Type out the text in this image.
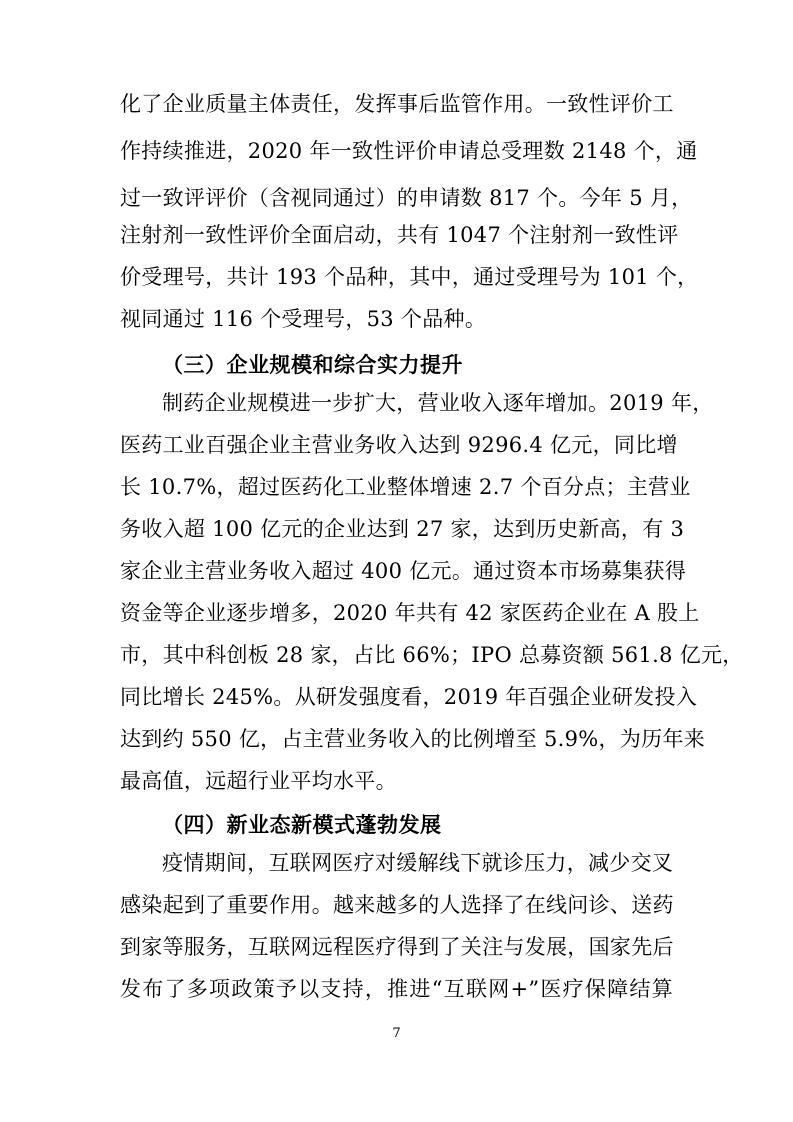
化了企业质量主体责任，发挥事后监管作用。一致性评价工
作持续推进，2020 年一致性评价申请总受理数 2148 个，通
过一致评评价（含视同通过）的申请数 817 个。今年 5 月，
注射剂一致性评价全面启动，共有 1047 个注射剂一致性评
价受理号，共计 193 个品种，其中，通过受理号为 101 个，
视同通过 116 个受理号，53 个品种。
（三）企业规模和综合实力提升
制药企业规模进一步扩大，营业收入逐年增加。2019 年，
医药工业百强企业主营业务收入达到 9296.4 亿元，同比增
长 10.7%，超过医药化工业整体增速 2.7 个百分点；主营业
务收入超 100 亿元的企业达到 27 家，达到历史新高，有 3
家企业主营业务收入超过 400 亿元。通过资本市场募集获得
资金等企业逐步增多，2020 年共有 42 家医药企业在 A 股上
市，其中科创板 28 家，占比 66%；IPO 总募资额 561.8 亿元，
同比增长 245%。从研发强度看，2019 年百强企业研发投入
达到约 550 亿，占主营业务收入的比例增至 5.9%，为历年来
最高值，远超行业平均水平。
（四）新业态新模式蓬勃发展
疫情期间，互联网医疗对缓解线下就诊压力，减少交叉
感染起到了重要作用。越来越多的人选择了在线问诊、送药
到家等服务，互联网远程医疗得到了关注与发展，国家先后
发布了多项政策予以支持，推进“互联网+”医疗保障结算
7
